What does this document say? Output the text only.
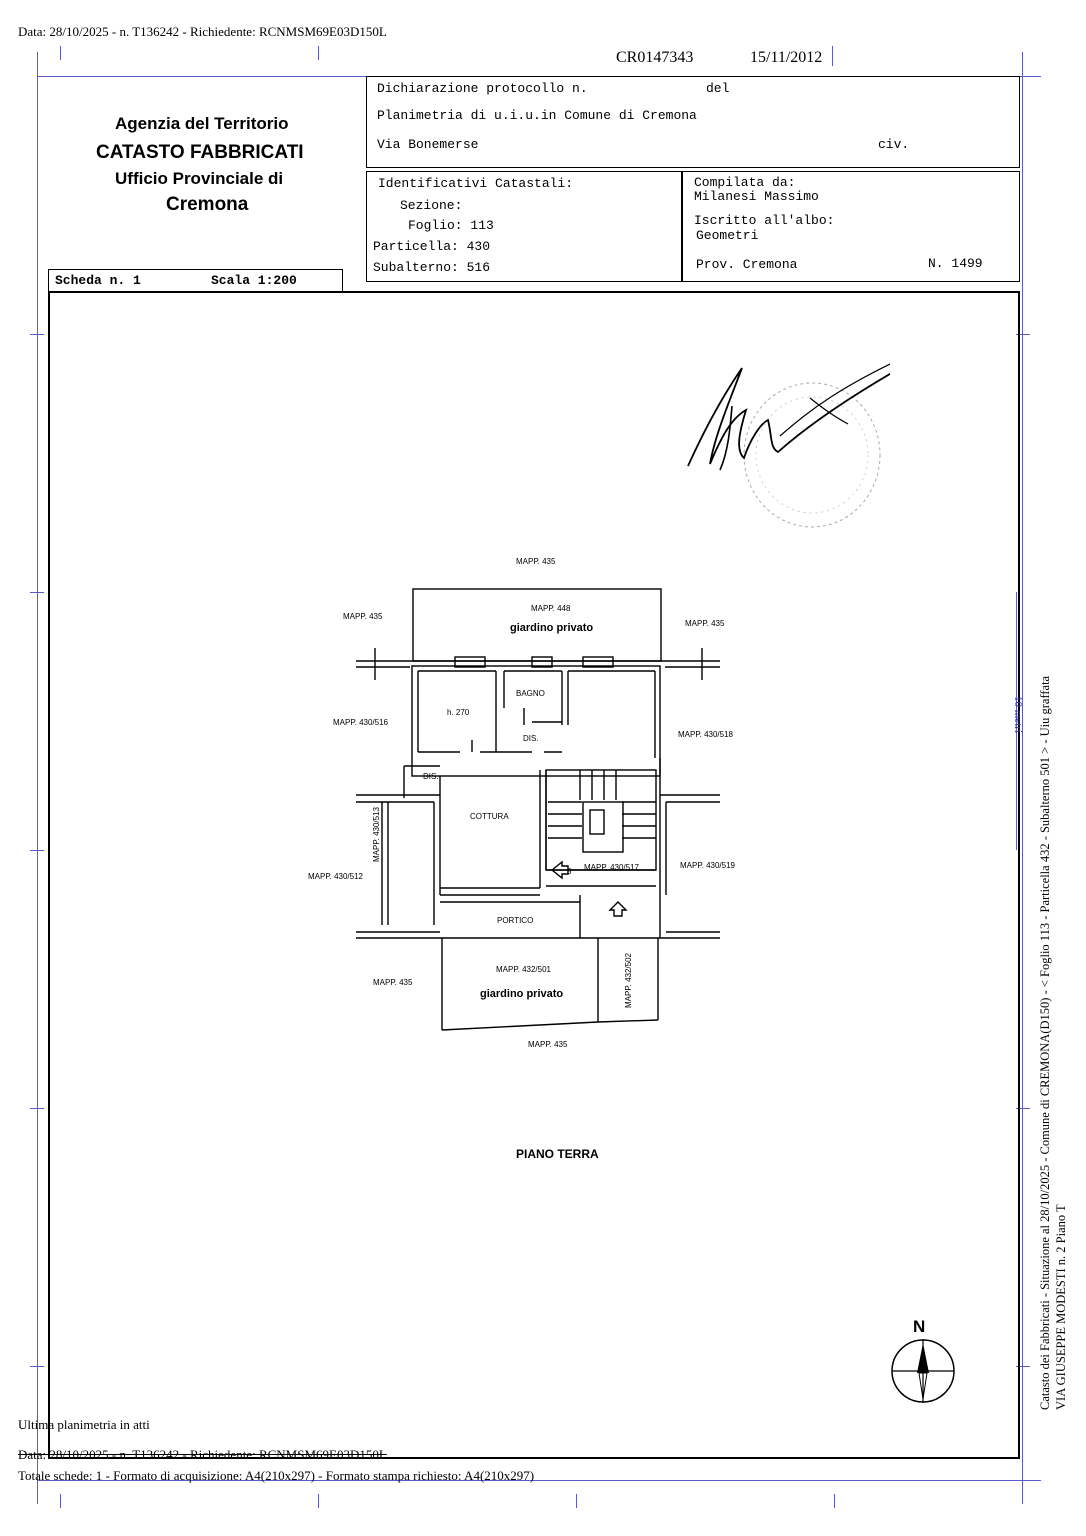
Data: 28/10/2025 - n. T136242 - Richiedente: RCNMSM69E03D150L
CR0147343	15/11/2012
Agenzia del Territorio
CATASTO FABBRICATI
Ufficio Provinciale di
Cremona
Dichiarazione protocollo n.	del
Planimetria di u.i.u.in Comune di Cremona
Via Bonemerse	civ.
Identificativi Catastali:
Sezione:
Foglio: 113
Particella: 430
Subalterno: 516
Compilata da:
Milanesi Massimo
Iscritto all'albo:
Geometri
Prov. Cremona	N. 1499
Scheda n. 1	Scala 1:200
MAPP. 435
MAPP. 448
giardino privato
MAPP. 435
MAPP. 435
BAGNO
h. 270
DIS.
DIS.
MAPP. 430/516
MAPP. 430/518
COTTURA
MAPP. 430/513
MAPP. 430/512
MAPP. 430/517	MAPP. 430/519
3
PORTICO
MAPP. 432/501	MAPP. 432/502
MAPP. 435
giardino privato
MAPP. 435
PIANO TERRA
N
10 metri Catasto dei Fabbricati - Situazione al 28/10/2025 - Comune di CREMONA(D150) - < Foglio 113 - Particella 432 - Subalterno 501 > - Uiu graffata VIA GIUSEPPE MODESTI n. 2 Piano T
Ultima planimetria in atti
Data: 28/10/2025 - n. T136242 - Richiedente: RCNMSM69E03D150L
Totale schede: 1 - Formato di acquisizione: A4(210x297) - Formato stampa richiesto: A4(210x297)
